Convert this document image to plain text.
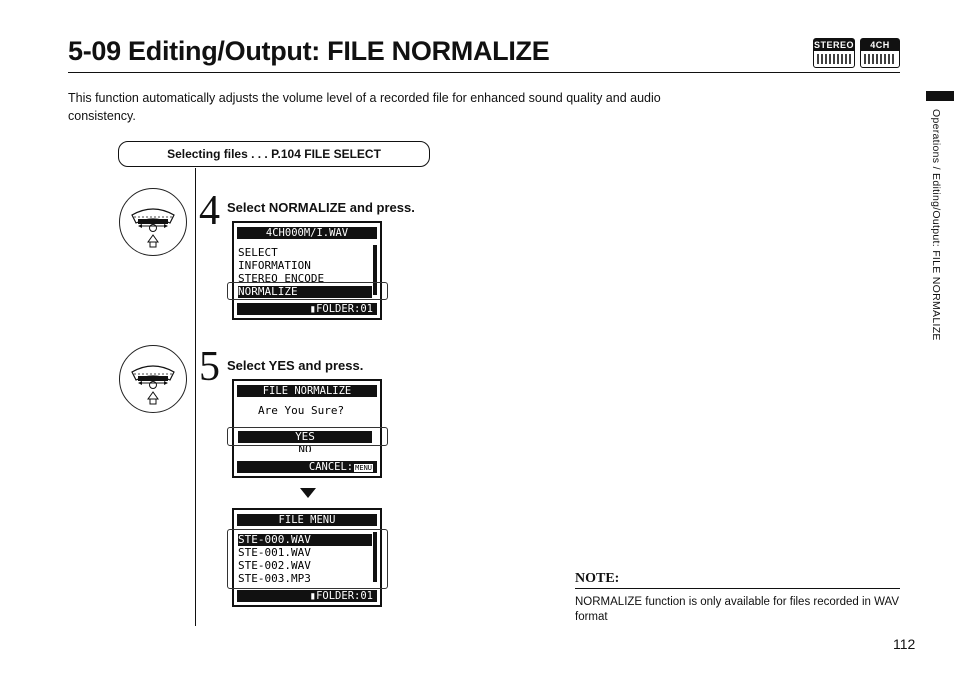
5-09 Editing/Output: FILE NORMALIZE	STEREO	4CH
This function automatically adjusts the volume level of a recorded file for enhanced sound quality and audio consistency.
Selecting files . . . P.104 FILE SELECT
4 Select NORMALIZE and press.
4CH000M/I.WAV
SELECT
INFORMATION
STEREO ENCODE
NORMALIZE
▮FOLDER:01
5 Select YES and press.
FILE NORMALIZE
Are You Sure?
YES
NO
CANCEL: MENU
FILE MENU
STE-000.WAV
STE-001.WAV
STE-002.WAV
STE-003.MP3
▮FOLDER:01
NOTE:
NORMALIZE function is only available for files recorded in WAV format
Operations / Editing/Output: FILE NORMALIZE
112
